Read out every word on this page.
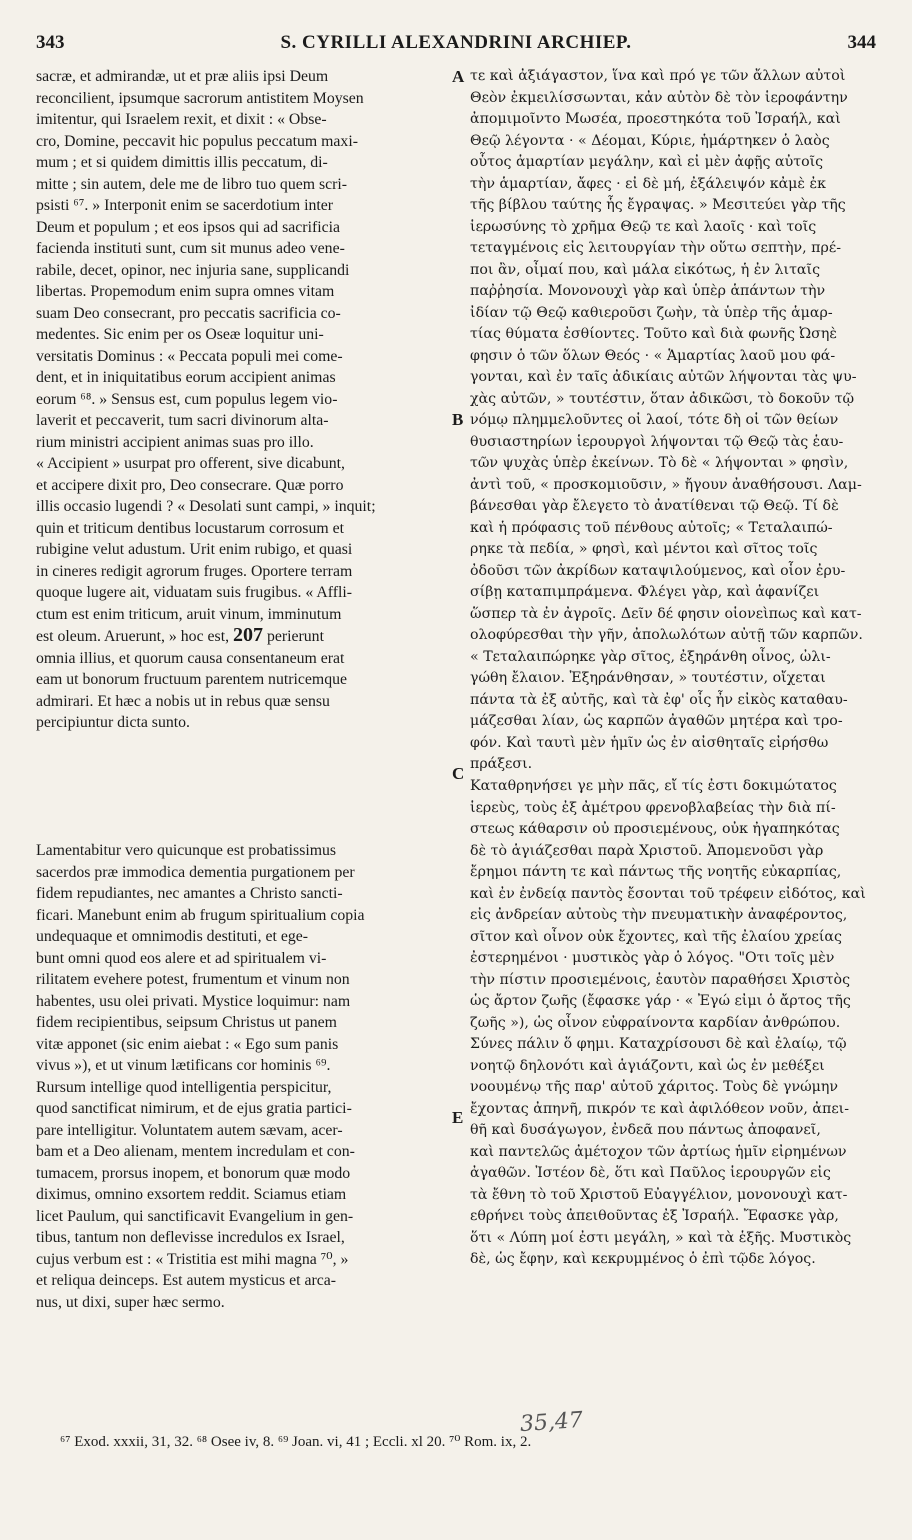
343	S. CYRILLI ALEXANDRINI ARCHIEP.	344
sacræ, et admirandæ, ut et præ aliis ipsi Deum
reconcilient, ipsumque sacrorum antistitem Moysen
imitentur, qui Israelem rexit, et dixit : « Obse-
cro, Domine, peccavit hic populus peccatum maxi-
mum ; et si quidem dimittis illis peccatum, di-
mitte ; sin autem, dele me de libro tuo quem scri-
psisti ⁶⁷. » Interponit enim se sacerdotium inter
Deum et populum ; et eos ipsos qui ad sacrificia
facienda instituti sunt, cum sit munus adeo vene-
rabile, decet, opinor, nec injuria sane, supplicandi
libertas. Propemodum enim supra omnes vitam
suam Deo consecrant, pro peccatis sacrificia co-
medentes. Sic enim per os Oseæ loquitur uni-
versitatis Dominus : « Peccata populi mei come-
dent, et in iniquitatibus eorum accipient animas
eorum ⁶⁸. » Sensus est, cum populus legem vio-
laverit et peccaverit, tum sacri divinorum alta-
rium ministri accipient animas suas pro illo.
« Accipient » usurpat pro offerent, sive dicabunt,
et accipere dixit pro, Deo consecrare. Quæ porro
illis occasio lugendi ? « Desolati sunt campi, » inquit;
quin et triticum dentibus locustarum corrosum et
rubigine velut adustum. Urit enim rubigo, et quasi
in cineres redigit agrorum fruges. Oportere terram
quoque lugere ait, viduatam suis frugibus. « Affli-
ctum est enim triticum, aruit vinum, imminutum
est oleum. Aruerunt, » hoc est, 207 perierunt
omnia illius, et quorum causa consentaneum erat
eam ut bonorum fructuum parentem nutricemque
admirari. Et hæc a nobis ut in rebus quæ sensu
percipiuntur dicta sunto.
Lamentabitur vero quicunque est probatissimus
sacerdos præ immodica dementia purgationem per
fidem repudiantes, nec amantes a Christo sancti-
ficari. Manebunt enim ab frugum spiritualium copia
undequaque et omnimodis destituti, et ege-
bunt omni quod eos alere et ad spiritualem vi-
rilitatem evehere potest, frumentum et vinum non
habentes, usu olei privati. Mystice loquimur: nam
fidem recipientibus, seipsum Christus ut panem
vitæ apponet (sic enim aiebat : « Ego sum panis
vivus »), et ut vinum lætificans cor hominis ⁶⁹.
Rursum intellige quod intelligentia perspicitur,
quod sanctificat nimirum, et de ejus gratia partici-
pare intelligitur. Voluntatem autem sævam, acer-
bam et a Deo alienam, mentem incredulam et con-
tumacem, prorsus inopem, et bonorum quæ modo
diximus, omnino exsortem reddit. Sciamus etiam
licet Paulum, qui sanctificavit Evangelium in gen-
tibus, tantum non deflevisse incredulos ex Israel,
cujus verbum est : « Tristitia est mihi magna ⁷⁰, »
et reliqua deinceps. Est autem mysticus et arca-
nus, ut dixi, super hæc sermo.
A
B
C
E
τε καὶ ἀξιάγαστον, ἵνα καὶ πρό γε τῶν ἄλλων αὐτοὶ
Θεὸν ἐκμειλίσσωνται, κἀν αὐτὸν δὲ τὸν ἱεροφάντην
ἀπομιμοῖντο Μωσέα, προεστηκότα τοῦ Ἰσραήλ, καὶ
Θεῷ λέγοντα · « Δέομαι, Κύριε, ἡμάρτηκεν ὁ λαὸς
οὗτος ἁμαρτίαν μεγάλην, καὶ εἰ μὲν ἀφῇς αὐτοῖς
τὴν ἁμαρτίαν, ἄφες · εἰ δὲ μή, ἐξάλειψόν κἀμὲ ἐκ
τῆς βίβλου ταύτης ἧς ἔγραψας. » Μεσιτεύει γὰρ τῆς
ἱερωσύνης τὸ χρῆμα Θεῷ τε καὶ λαοῖς · καὶ τοῖς
τεταγμένοις εἰς λειτουργίαν τὴν οὕτω σεπτὴν, πρέ-
ποι ἂν, οἶμαί που, καὶ μάλα εἰκότως, ἡ ἐν λιταῖς
παῤῥησία. Μονονουχὶ γὰρ καὶ ὑπὲρ ἁπάντων τὴν
ἰδίαν τῷ Θεῷ καθιεροῦσι ζωὴν, τὰ ὑπὲρ τῆς ἁμαρ-
τίας θύματα ἐσθίοντες. Τοῦτο καὶ διὰ φωνῆς Ὠσηὲ
φησιν ὁ τῶν ὅλων Θεός · « Ἁμαρτίας λαοῦ μου φά-
γονται, καὶ ἐν ταῖς ἀδικίαις αὐτῶν λήψονται τὰς ψυ-
χὰς αὐτῶν, » τουτέστιν, ὅταν ἀδικῶσι, τὸ δοκοῦν τῷ
νόμῳ πλημμελοῦντες οἱ λαοί, τότε δὴ οἱ τῶν θείων
θυσιαστηρίων ἱερουργοὶ λήψονται τῷ Θεῷ τὰς ἑαυ-
τῶν ψυχὰς ὑπὲρ ἐκείνων. Τὸ δὲ « λήψονται » φησὶν,
ἀντὶ τοῦ, « προσκομιοῦσιν, » ἤγουν ἀναθήσουσι. Λαμ-
βάνεσθαι γὰρ ἔλεγετο τὸ ἀνατίθεναι τῷ Θεῷ. Τί δὲ
καὶ ἡ πρόφασις τοῦ πένθους αὐτοῖς; « Τεταλαιπώ-
ρηκε τὰ πεδία, » φησὶ, καὶ μέντοι καὶ σῖτος τοῖς
ὀδοῦσι τῶν ἀκρίδων καταψιλούμενος, καὶ οἷον ἐρυ-
σίβῃ καταπιμπράμενα. Φλέγει γὰρ, καὶ ἀφανίζει
ὥσπερ τὰ ἐν ἀγροῖς. Δεῖν δέ φησιν οἱονεὶπως καὶ κατ-
ολοφύρεσθαι τὴν γῆν, ἀπολωλότων αὐτῇ τῶν καρπῶν.
« Τεταλαιπώρηκε γὰρ σῖτος, ἐξηράνθη οἶνος, ὠλι-
γώθη ἔλαιον. Ἐξηράνθησαν, » τουτέστιν, οἴχεται
πάντα τὰ ἐξ αὐτῆς, καὶ τὰ ἐφ' οἷς ἦν εἰκὸς καταθαυ-
μάζεσθαι λίαν, ὡς καρπῶν ἀγαθῶν μητέρα καὶ τρο-
φόν. Καὶ ταυτὶ μὲν ἡμῖν ὡς ἐν αἰσθηταῖς εἰρήσθω
πράξεσι.
Καταθρηνήσει γε μὴν πᾶς, εἴ τίς ἐστι δοκιμώτατος
ἱερεὺς, τοὺς ἐξ ἀμέτρου φρενοβλαβείας τὴν διὰ πί-
στεως κάθαρσιν οὐ προσιεμένους, οὐκ ἠγαπηκότας
δὲ τὸ ἁγιάζεσθαι παρὰ Χριστοῦ. Ἀπομενοῦσι γὰρ
ἔρημοι πάντη τε καὶ πάντως τῆς νοητῆς εὐκαρπίας,
καὶ ἐν ἐνδείᾳ παντὸς ἔσονται τοῦ τρέφειν εἰδότος, καὶ
εἰς ἀνδρείαν αὐτοὺς τὴν πνευματικὴν ἀναφέροντος,
σῖτον καὶ οἶνον οὐκ ἔχοντες, καὶ τῆς ἐλαίου χρείας
ἐστερημένοι · μυστικὸς γὰρ ὁ λόγος. "Οτι τοῖς μὲν
τὴν πίστιν προσιεμένοις, ἑαυτὸν παραθήσει Χριστὸς
ὡς ἄρτον ζωῆς (ἔφασκε γάρ · « Ἐγώ εἰμι ὁ ἄρτος τῆς
ζωῆς »), ὡς οἶνον εὐφραίνοντα καρδίαν ἀνθρώπου.
Σύνες πάλιν ὅ φημι. Καταχρίσουσι δὲ καὶ ἐλαίῳ, τῷ
νοητῷ δηλονότι καὶ ἁγιάζοντι, καὶ ὡς ἐν μεθέξει
νοουμένῳ τῆς παρ' αὐτοῦ χάριτος. Τοὺς δὲ γνώμην
ἔχοντας ἀπηνῆ, πικρόν τε καὶ ἀφιλόθεον νοῦν, ἀπει-
θῆ καὶ δυσάγωγον, ἐνδεᾶ που πάντως ἀποφανεῖ,
καὶ παντελῶς ἀμέτοχον τῶν ἀρτίως ἡμῖν εἰρημένων
ἀγαθῶν. Ἰστέον δὲ, ὅτι καὶ Παῦλος ἱερουργῶν εἰς
τὰ ἔθνη τὸ τοῦ Χριστοῦ Εὐαγγέλιον, μονονουχὶ κατ-
εθρήνει τοὺς ἀπειθοῦντας ἐξ Ἰσραήλ. Ἔφασκε γὰρ,
ὅτι « Λύπη μοί ἐστι μεγάλη, » καὶ τὰ ἑξῆς. Μυστικὸς
δὲ, ὡς ἔφην, καὶ κεκρυμμένος ὁ ἐπὶ τῷδε λόγος.
35,47
⁶⁷ Exod. xxxii, 31, 32. ⁶⁸ Osee iv, 8. ⁶⁹ Joan. vi, 41 ; Eccli. xl 20. ⁷⁰ Rom. ix, 2.
